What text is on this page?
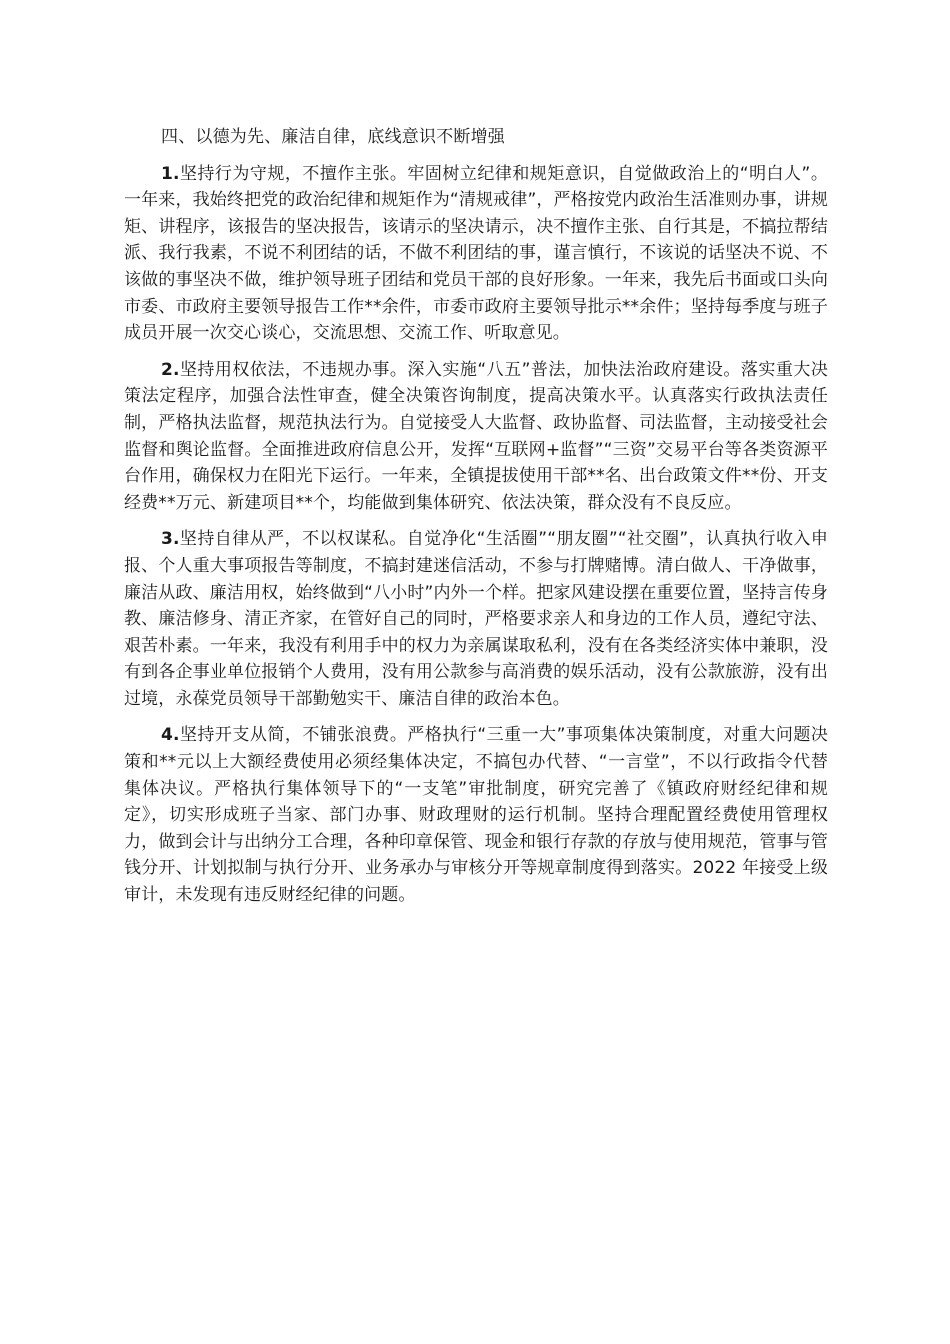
四、以德为先、廉洁自律，底线意识不断增强

1.坚持行为守规，不擅作主张。牢固树立纪律和规矩意识，自觉做政治上的“明白人”。一年来，我始终把党的政治纪律和规矩作为“清规戒律”，严格按党内政治生活准则办事，讲规矩、讲程序，该报告的坚决报告，该请示的坚决请示，决不擅作主张、自行其是，不搞拉帮结派、我行我素，不说不利团结的话，不做不利团结的事，谨言慎行，不该说的话坚决不说、不该做的事坚决不做，维护领导班子团结和党员干部的良好形象。一年来，我先后书面或口头向市委、市政府主要领导报告工作**余件，市委市政府主要领导批示**余件；坚持每季度与班子成员开展一次交心谈心，交流思想、交流工作、听取意见。

2.坚持用权依法，不违规办事。深入实施“八五”普法，加快法治政府建设。落实重大决策法定程序，加强合法性审查，健全决策咨询制度，提高决策水平。认真落实行政执法责任制，严格执法监督，规范执法行为。自觉接受人大监督、政协监督、司法监督，主动接受社会监督和舆论监督。全面推进政府信息公开，发挥“互联网+监督”“三资”交易平台等各类资源平台作用，确保权力在阳光下运行。一年来，全镇提拔使用干部**名、出台政策文件**份、开支经费**万元、新建项目**个，均能做到集体研究、依法决策，群众没有不良反应。

3.坚持自律从严，不以权谋私。自觉净化“生活圈”“朋友圈”“社交圈”，认真执行收入申报、个人重大事项报告等制度，不搞封建迷信活动，不参与打牌赌博。清白做人、干净做事，廉洁从政、廉洁用权，始终做到“八小时”内外一个样。把家风建设摆在重要位置，坚持言传身教、廉洁修身、清正齐家，在管好自己的同时，严格要求亲人和身边的工作人员，遵纪守法、艰苦朴素。一年来，我没有利用手中的权力为亲属谋取私利，没有在各类经济实体中兼职，没有到各企事业单位报销个人费用，没有用公款参与高消费的娱乐活动，没有公款旅游，没有出过境，永葆党员领导干部勤勉实干、廉洁自律的政治本色。

4.坚持开支从简，不铺张浪费。严格执行“三重一大”事项集体决策制度，对重大问题决策和**元以上大额经费使用必须经集体决定，不搞包办代替、“一言堂”，不以行政指令代替集体决议。严格执行集体领导下的“一支笔”审批制度，研究完善了《镇政府财经纪律和规定》，切实形成班子当家、部门办事、财政理财的运行机制。坚持合理配置经费使用管理权力，做到会计与出纳分工合理，各种印章保管、现金和银行存款的存放与使用规范，管事与管钱分开、计划拟制与执行分开、业务承办与审核分开等规章制度得到落实。2022 年接受上级审计，未发现有违反财经纪律的问题。
